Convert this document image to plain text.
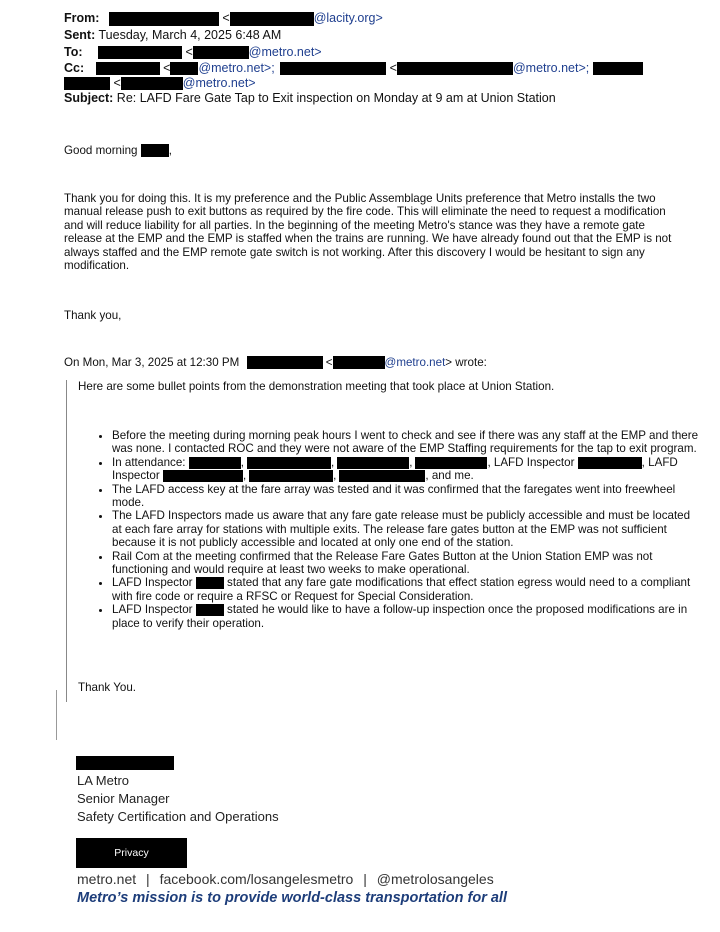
From:	<	@lacity.org>
Sent: Tuesday, March 4, 2025 6:48 AM
To:	<	@metro.net>
Cc:	< @metro.net>;	<	@metro.net>;
<	@metro.net>
Subject: Re: LAFD Fare Gate Tap to Exit inspection on Monday at 9 am at Union Station
Good morning	,
Thank you for doing this. It is my preference and the Public Assemblage Units preference that Metro installs the two manual release push to exit buttons as required by the fire code. This will eliminate the need to request a modification and will reduce liability for all parties. In the beginning of the meeting Metro's stance was they have a remote gate release at the EMP and the EMP is staffed when the trains are running. We have already found out that the EMP is not always staffed and the EMP remote gate switch is not working. After this discovery I would be hesitant to sign any modification.
Thank you,
On Mon, Mar 3, 2025 at 12:30 PM	<	@metro.net> wrote:
Here are some bullet points from the demonstration meeting that took place at Union Station.
• Before the meeting during morning peak hours I went to check and see if there was any staff at the EMP and there was none. I contacted ROC and they were not aware of the EMP Staffing requirements for the tap to exit program.
• In attendance:	,	,	,	, LAFD Inspector	, LAFD Inspector	,	,	, and me.
• The LAFD access key at the fare array was tested and it was confirmed that the faregates went into freewheel mode.
• The LAFD Inspectors made us aware that any fare gate release must be publicly accessible and must be located at each fare array for stations with multiple exits. The release fare gates button at the EMP was not sufficient because it is not publicly accessible and located at only one end of the station.
• Rail Com at the meeting confirmed that the Release Fare Gates Button at the Union Station EMP was not functioning and would require at least two weeks to make operational.
• LAFD Inspector	stated that any fare gate modifications that effect station egress would need to a compliant with fire code or require a RFSC or Request for Special Consideration.
• LAFD Inspector	stated he would like to have a follow-up inspection once the proposed modifications are in place to verify their operation.
Thank You.
LA Metro
Senior Manager
Safety Certification and Operations
Privacy
metro.net | facebook.com/losangelesmetro | @metrolosangeles
Metro’s mission is to provide world-class transportation for all
